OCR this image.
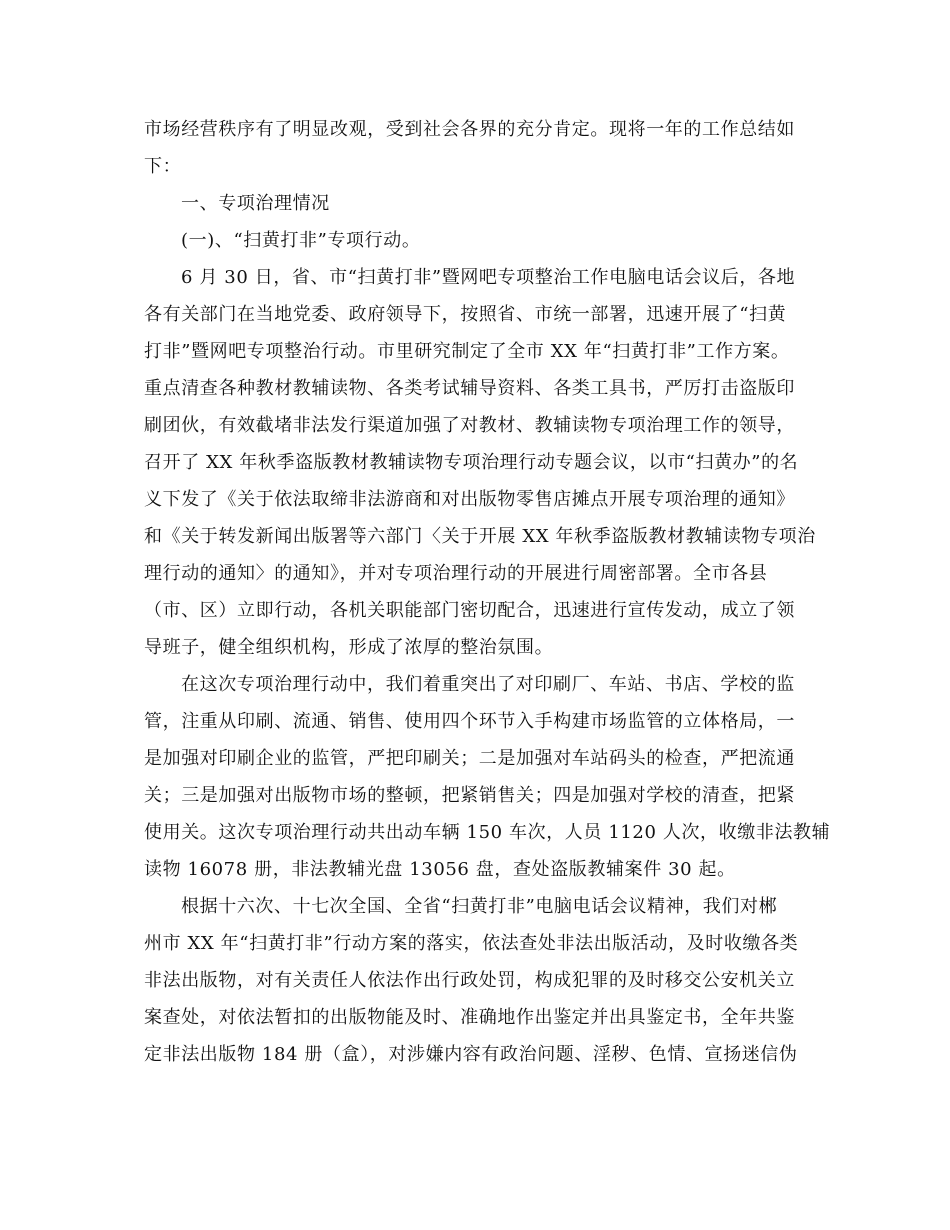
市场经营秩序有了明显改观，受到社会各界的充分肯定。现将一年的工作总结如
下：
一、专项治理情况
(一)、“扫黄打非”专项行动。
6 月 30 日，省、市“扫黄打非”暨网吧专项整治工作电脑电话会议后，各地
各有关部门在当地党委、政府领导下，按照省、市统一部署，迅速开展了“扫黄
打非”暨网吧专项整治行动。市里研究制定了全市 XX 年“扫黄打非”工作方案。
重点清查各种教材教辅读物、各类考试辅导资料、各类工具书，严厉打击盗版印
刷团伙，有效截堵非法发行渠道加强了对教材、教辅读物专项治理工作的领导，
召开了 XX 年秋季盗版教材教辅读物专项治理行动专题会议，以市“扫黄办”的名
义下发了《关于依法取缔非法游商和对出版物零售店摊点开展专项治理的通知》
和《关于转发新闻出版署等六部门〈关于开展 XX 年秋季盗版教材教辅读物专项治
理行动的通知〉的通知》，并对专项治理行动的开展进行周密部署。全市各县
（市、区）立即行动，各机关职能部门密切配合，迅速进行宣传发动，成立了领
导班子，健全组织机构，形成了浓厚的整治氛围。
在这次专项治理行动中，我们着重突出了对印刷厂、车站、书店、学校的监
管，注重从印刷、流通、销售、使用四个环节入手构建市场监管的立体格局，一
是加强对印刷企业的监管，严把印刷关；二是加强对车站码头的检查，严把流通
关；三是加强对出版物市场的整顿，把紧销售关；四是加强对学校的清查，把紧
使用关。这次专项治理行动共出动车辆 150 车次，人员 1120 人次，收缴非法教辅
读物 16078 册，非法教辅光盘 13056 盘，查处盗版教辅案件 30 起。
根据十六次、十七次全国、全省“扫黄打非”电脑电话会议精神，我们对郴
州市 XX 年“扫黄打非”行动方案的落实，依法查处非法出版活动，及时收缴各类
非法出版物，对有关责任人依法作出行政处罚，构成犯罪的及时移交公安机关立
案查处，对依法暂扣的出版物能及时、准确地作出鉴定并出具鉴定书，全年共鉴
定非法出版物 184 册（盒），对涉嫌内容有政治问题、淫秽、色情、宣扬迷信伪
